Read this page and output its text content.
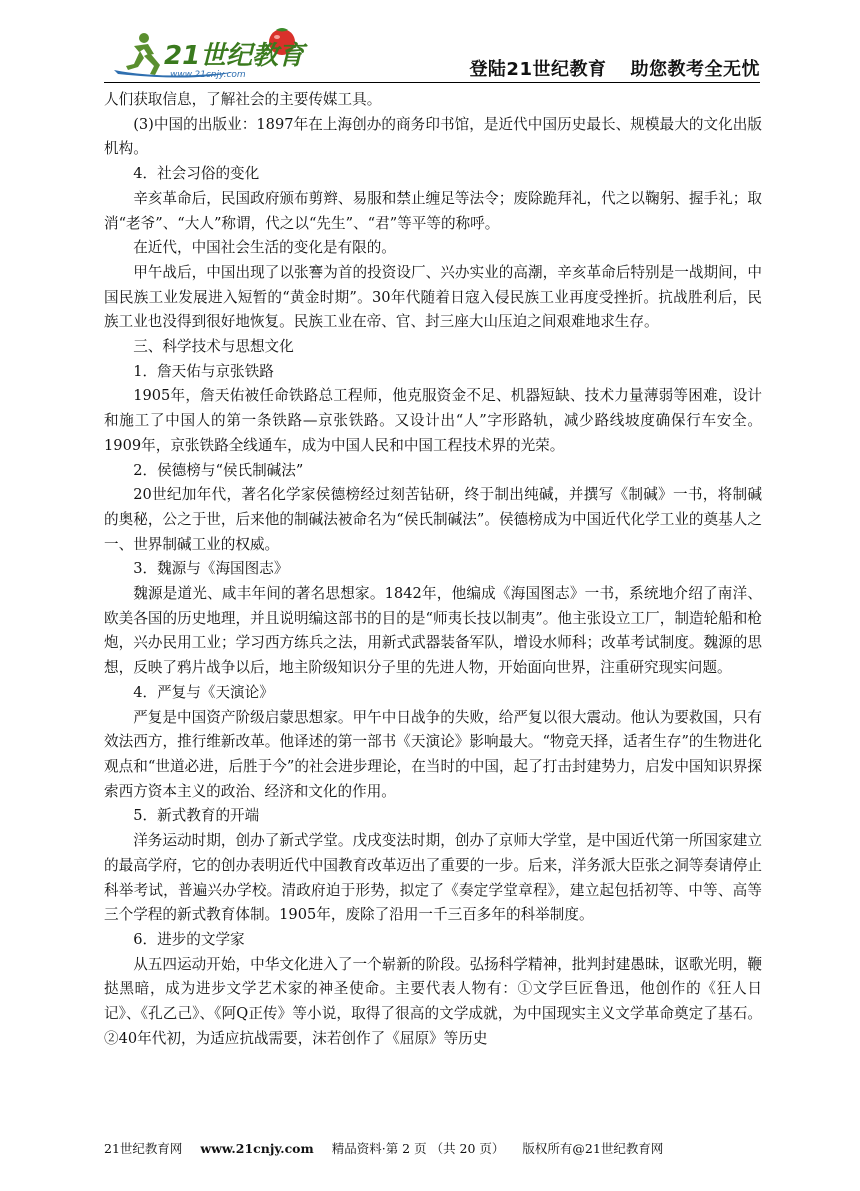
21世纪教育
www.21cnjy.com	登陆21世纪教育 助您教考全无忧

人们获取信息，了解社会的主要传媒工具。

(3)中国的出版业：1897年在上海创办的商务印书馆，是近代中国历史最长、规模最大的文化出版机构。

4．社会习俗的变化

辛亥革命后，民国政府颁布剪辫、易服和禁止缠足等法令；废除跪拜礼，代之以鞠躬、握手礼；取消“老爷”、“大人”称谓，代之以“先生”、“君”等平等的称呼。

在近代，中国社会生活的变化是有限的。

甲午战后，中国出现了以张謇为首的投资设厂、兴办实业的高潮，辛亥革命后特别是一战期间，中国民族工业发展进入短暂的“黄金时期”。30年代随着日寇入侵民族工业再度受挫折。抗战胜利后，民族工业也没得到很好地恢复。民族工业在帝、官、封三座大山压迫之间艰难地求生存。

三、科学技术与思想文化

1．詹天佑与京张铁路

1905年，詹天佑被任命铁路总工程师，他克服资金不足、机器短缺、技术力量薄弱等困难，设计和施工了中国人的第一条铁路—京张铁路。又设计出“人”字形路轨，减少路线坡度确保行车安全。1909年，京张铁路全线通车，成为中国人民和中国工程技术界的光荣。

2．侯德榜与“侯氏制碱法”

20世纪加年代，著名化学家侯德榜经过刻苦钻研，终于制出纯碱，并撰写《制碱》一书，将制碱的奥秘，公之于世，后来他的制碱法被命名为“侯氏制碱法”。侯德榜成为中国近代化学工业的奠基人之一、世界制碱工业的权威。

3．魏源与《海国图志》

魏源是道光、咸丰年间的著名思想家。1842年，他编成《海国图志》一书，系统地介绍了南洋、欧美各国的历史地理，并且说明编这部书的目的是“师夷长技以制夷”。他主张设立工厂，制造轮船和枪炮，兴办民用工业；学习西方练兵之法，用新式武器装备军队，增设水师科；改革考试制度。魏源的思想，反映了鸦片战争以后，地主阶级知识分子里的先进人物，开始面向世界，注重研究现实问题。

4．严复与《天演论》

严复是中国资产阶级启蒙思想家。甲午中日战争的失败，给严复以很大震动。他认为要救国，只有效法西方，推行维新改革。他译述的第一部书《天演论》影响最大。“物竞天择，适者生存”的生物进化观点和“世道必进，后胜于今”的社会进步理论，在当时的中国，起了打击封建势力，启发中国知识界探索西方资本主义的政治、经济和文化的作用。

5．新式教育的开端

洋务运动时期，创办了新式学堂。戊戌变法时期，创办了京师大学堂，是中国近代第一所国家建立的最高学府，它的创办表明近代中国教育改革迈出了重要的一步。后来，洋务派大臣张之洞等奏请停止科举考试，普遍兴办学校。清政府迫于形势，拟定了《奏定学堂章程》，建立起包括初等、中等、高等三个学程的新式教育体制。1905年，废除了沿用一千三百多年的科举制度。

6．进步的文学家

从五四运动开始，中华文化进入了一个崭新的阶段。弘扬科学精神，批判封建愚昧，讴歌光明，鞭挞黑暗，成为进步文学艺术家的神圣使命。主要代表人物有：①文学巨匠鲁迅，他创作的《狂人日记》、《孔乙己》、《阿Q正传》等小说，取得了很高的文学成就，为中国现实主义文学革命奠定了基石。②40年代初，为适应抗战需要，沫若创作了《屈原》等历史

21世纪教育网 www.21cnjy.com 精品资料·第 2 页 （共 20 页） 版权所有@21世纪教育网
